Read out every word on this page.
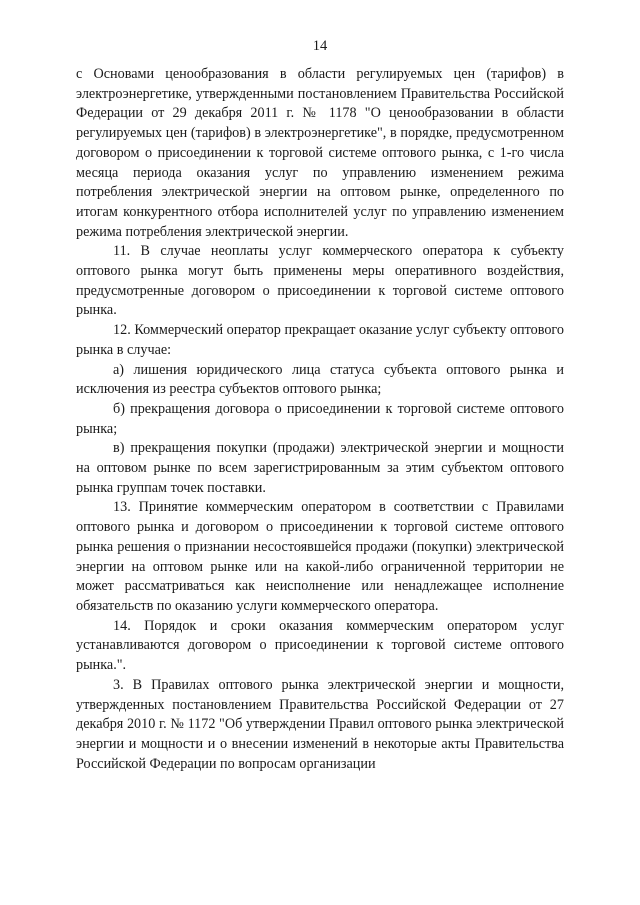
14

с Основами ценообразования в области регулируемых цен (тарифов) в электроэнергетике, утвержденными постановлением Правительства Российской Федерации от 29 декабря 2011 г. № 1178 "О ценообразовании в области регулируемых цен (тарифов) в электроэнергетике", в порядке, предусмотренном договором о присоединении к торговой системе оптового рынка, с 1-го числа месяца периода оказания услуг по управлению изменением режима потребления электрической энергии на оптовом рынке, определенного по итогам конкурентного отбора исполнителей услуг по управлению изменением режима потребления электрической энергии.

11. В случае неоплаты услуг коммерческого оператора к субъекту оптового рынка могут быть применены меры оперативного воздействия, предусмотренные договором о присоединении к торговой системе оптового рынка.

12. Коммерческий оператор прекращает оказание услуг субъекту оптового рынка в случае:

а) лишения юридического лица статуса субъекта оптового рынка и исключения из реестра субъектов оптового рынка;

б) прекращения договора о присоединении к торговой системе оптового рынка;

в) прекращения покупки (продажи) электрической энергии и мощности на оптовом рынке по всем зарегистрированным за этим субъектом оптового рынка группам точек поставки.

13. Принятие коммерческим оператором в соответствии с Правилами оптового рынка и договором о присоединении к торговой системе оптового рынка решения о признании несостоявшейся продажи (покупки) электрической энергии на оптовом рынке или на какой-либо ограниченной территории не может рассматриваться как неисполнение или ненадлежащее исполнение обязательств по оказанию услуги коммерческого оператора.

14. Порядок и сроки оказания коммерческим оператором услуг устанавливаются договором о присоединении к торговой системе оптового рынка.".

3. В Правилах оптового рынка электрической энергии и мощности, утвержденных постановлением Правительства Российской Федерации от 27 декабря 2010 г. № 1172 "Об утверждении Правил оптового рынка электрической энергии и мощности и о внесении изменений в некоторые акты Правительства Российской Федерации по вопросам организации
